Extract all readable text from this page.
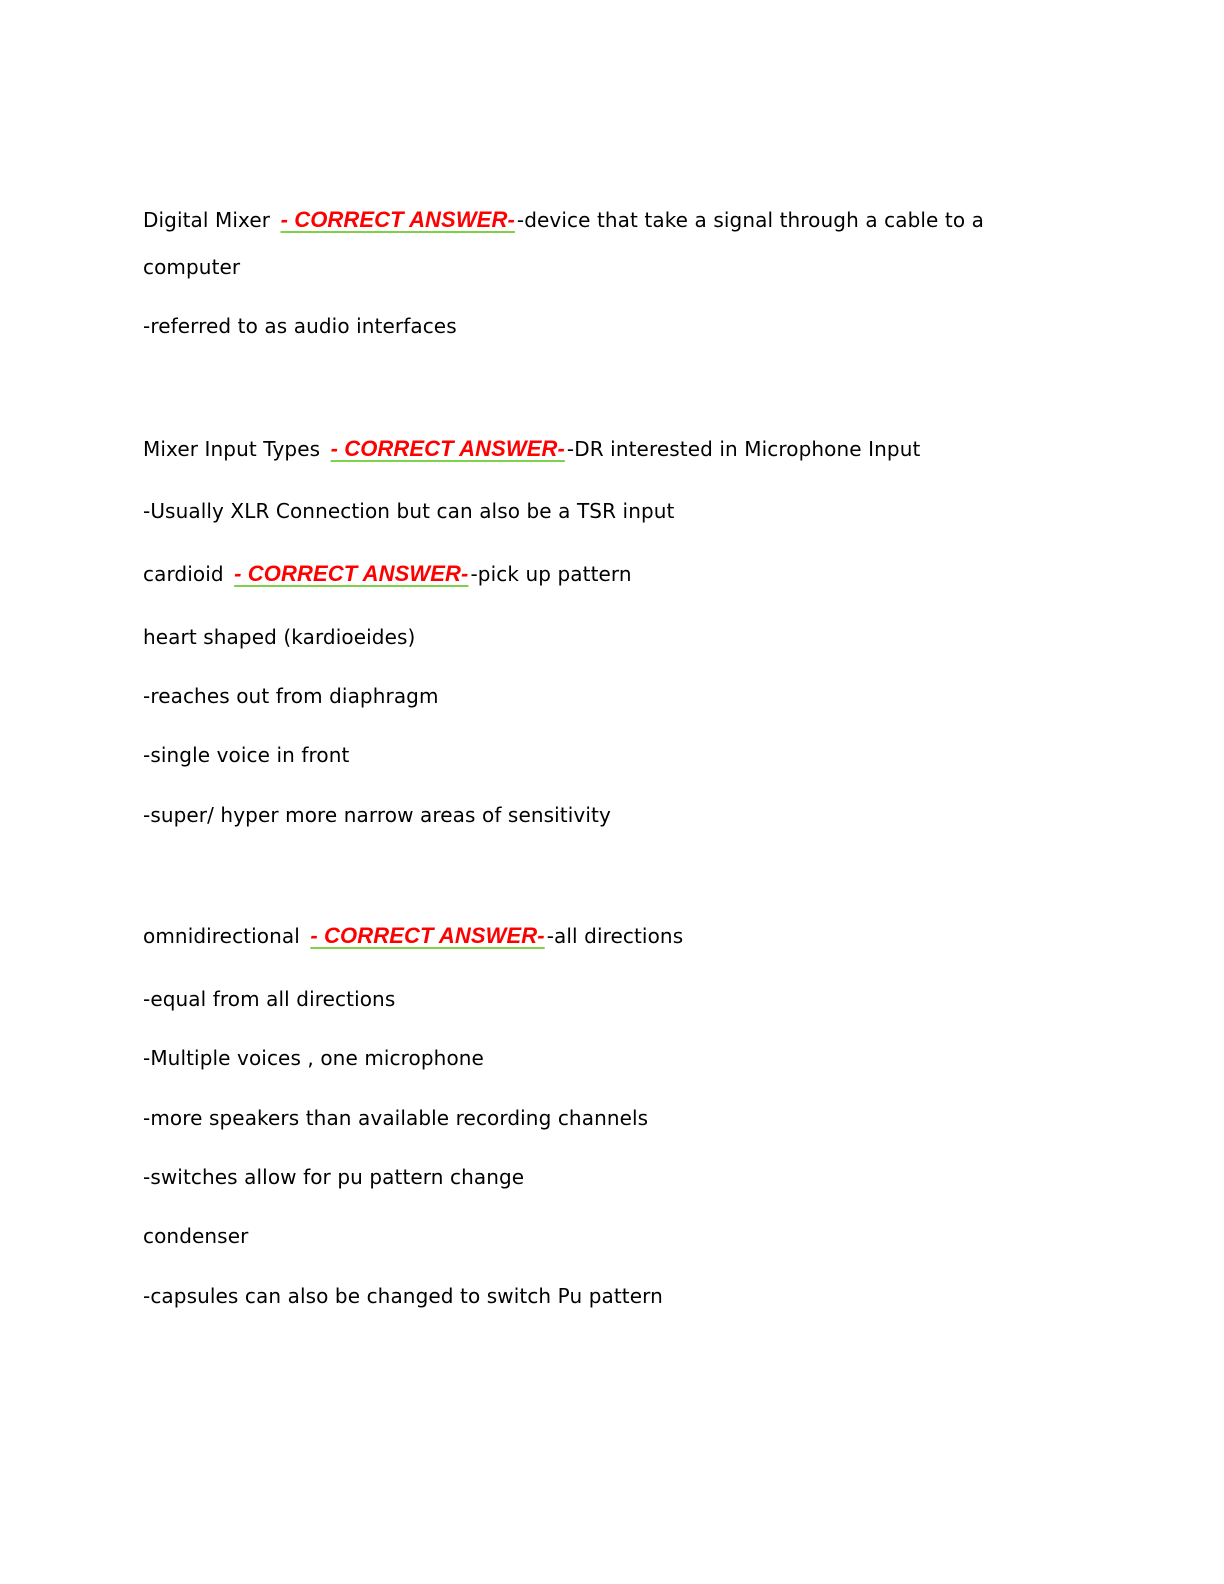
Digital Mixer - CORRECT ANSWER- -device that take a signal through a cable to a
computer
-referred to as audio interfaces
Mixer Input Types - CORRECT ANSWER- -DR interested in Microphone Input
-Usually XLR Connection but can also be a TSR input
cardioid - CORRECT ANSWER- -pick up pattern
heart shaped (kardioeides)
-reaches out from diaphragm
-single voice in front
-super/ hyper more narrow areas of sensitivity
omnidirectional - CORRECT ANSWER- -all directions
-equal from all directions
-Multiple voices , one microphone
-more speakers than available recording channels
-switches allow for pu pattern change
condenser
-capsules can also be changed to switch Pu pattern
